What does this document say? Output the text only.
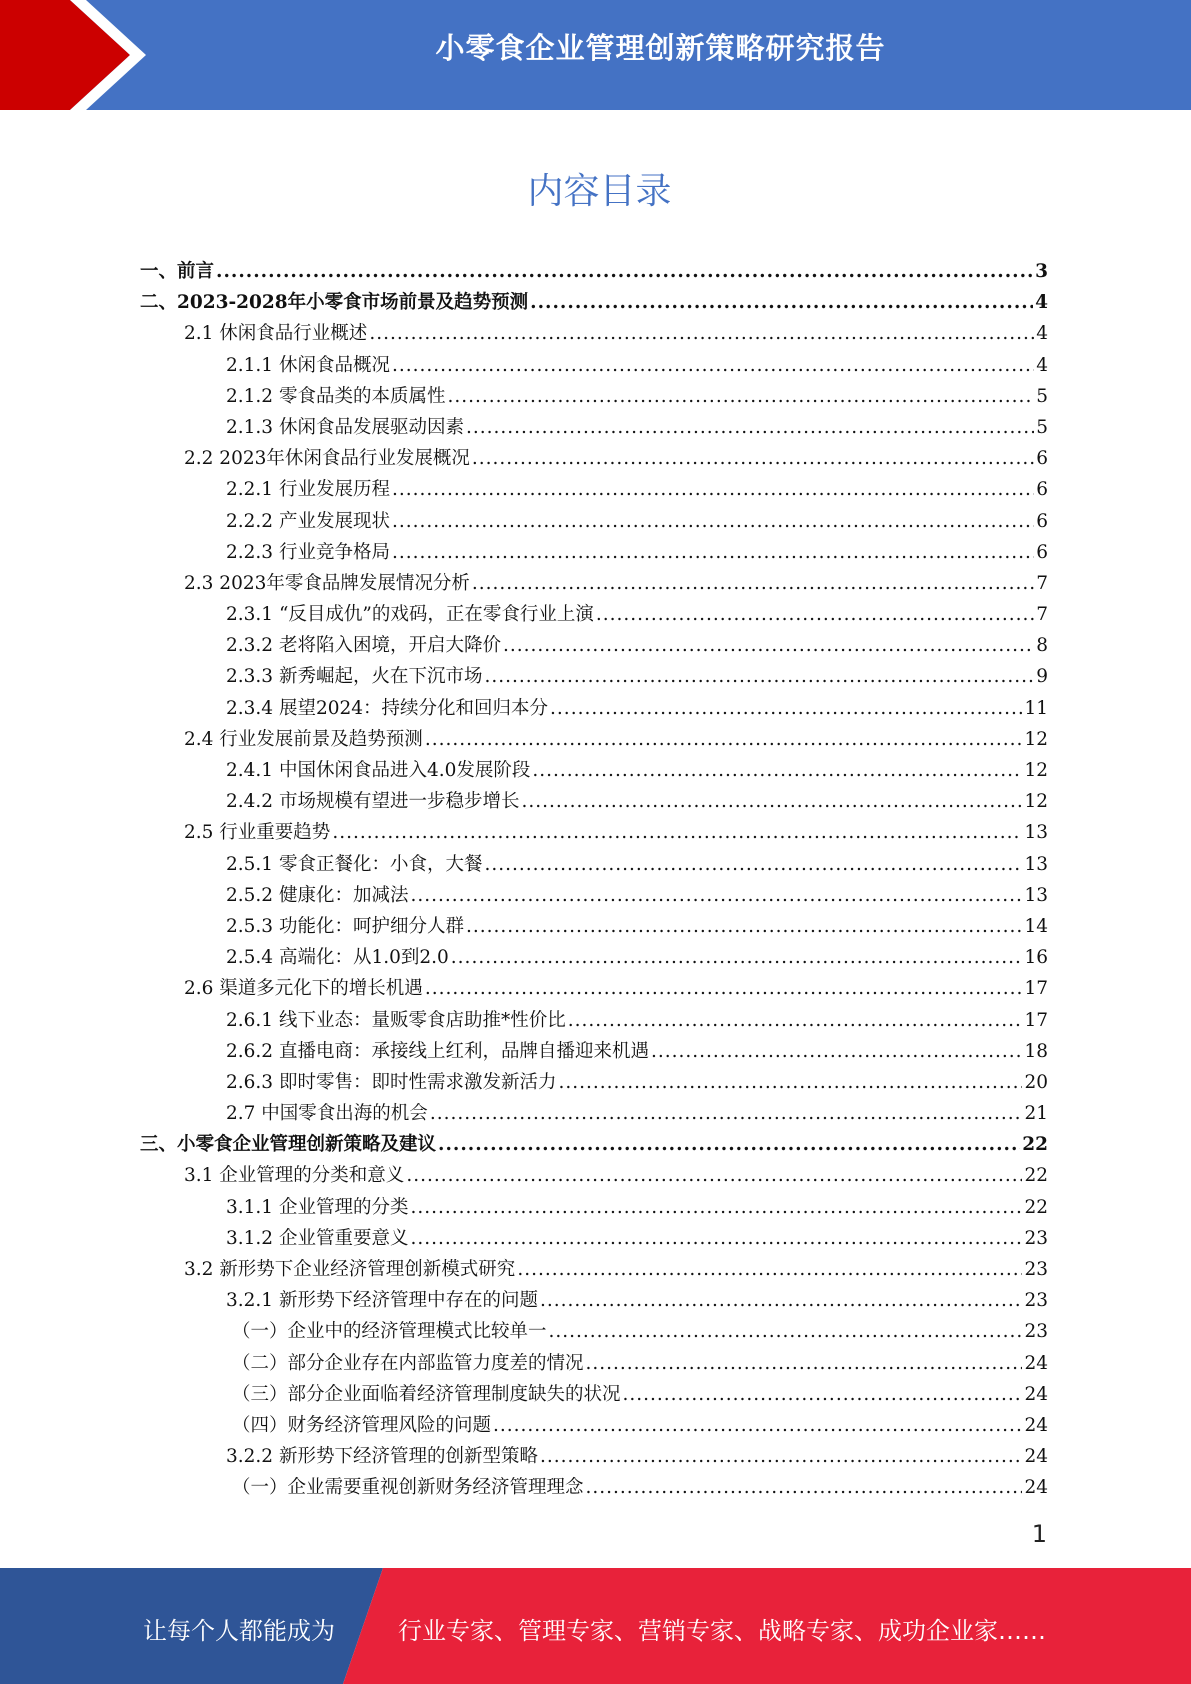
小零食企业管理创新策略研究报告
内容目录
一、前言 .....	3
二、2023-2028年小零食市场前景及趋势预测 .....	4
2.1 休闲食品行业概述 .....	4
2.1.1 休闲食品概况 .....	4
2.1.2 零食品类的本质属性 .....	5
2.1.3 休闲食品发展驱动因素 .....	5
2.2 2023年休闲食品行业发展概况 .....	6
2.2.1 行业发展历程 .....	6
2.2.2 产业发展现状 .....	6
2.2.3 行业竞争格局 .....	6
2.3 2023年零食品牌发展情况分析 .....	7
2.3.1 “反目成仇”的戏码，正在零食行业上演 .....	7
2.3.2 老将陷入困境，开启大降价 .....	8
2.3.3 新秀崛起，火在下沉市场 .....	9
2.3.4 展望2024：持续分化和回归本分 .....	11
2.4 行业发展前景及趋势预测 .....	12
2.4.1 中国休闲食品进入4.0发展阶段 .....	12
2.4.2 市场规模有望进一步稳步增长 .....	12
2.5 行业重要趋势 .....	13
2.5.1 零食正餐化：小食，大餐 .....	13
2.5.2 健康化：加减法 .....	13
2.5.3 功能化：呵护细分人群 .....	14
2.5.4 高端化：从1.0到2.0 .....	16
2.6 渠道多元化下的增长机遇 .....	17
2.6.1 线下业态：量贩零食店助推*性价比 .....	17
2.6.2 直播电商：承接线上红利，品牌自播迎来机遇 .....	18
2.6.3 即时零售：即时性需求激发新活力 .....	20
2.7 中国零食出海的机会 .....	21
三、小零食企业管理创新策略及建议 .....	22
3.1 企业管理的分类和意义 .....	22
3.1.1 企业管理的分类 .....	22
3.1.2 企业管重要意义 .....	23
3.2 新形势下企业经济管理创新模式研究 .....	23
3.2.1 新形势下经济管理中存在的问题 .....	23
（一）企业中的经济管理模式比较单一 .....	23
（二）部分企业存在内部监管力度差的情况 .....	24
（三）部分企业面临着经济管理制度缺失的状况 .....	24
（四）财务经济管理风险的问题 .....	24
3.2.2 新形势下经济管理的创新型策略 .....	24
（一）企业需要重视创新财务经济管理理念 .....	24
1
让每个人都能成为	行业专家、管理专家、营销专家、战略专家、成功企业家……
